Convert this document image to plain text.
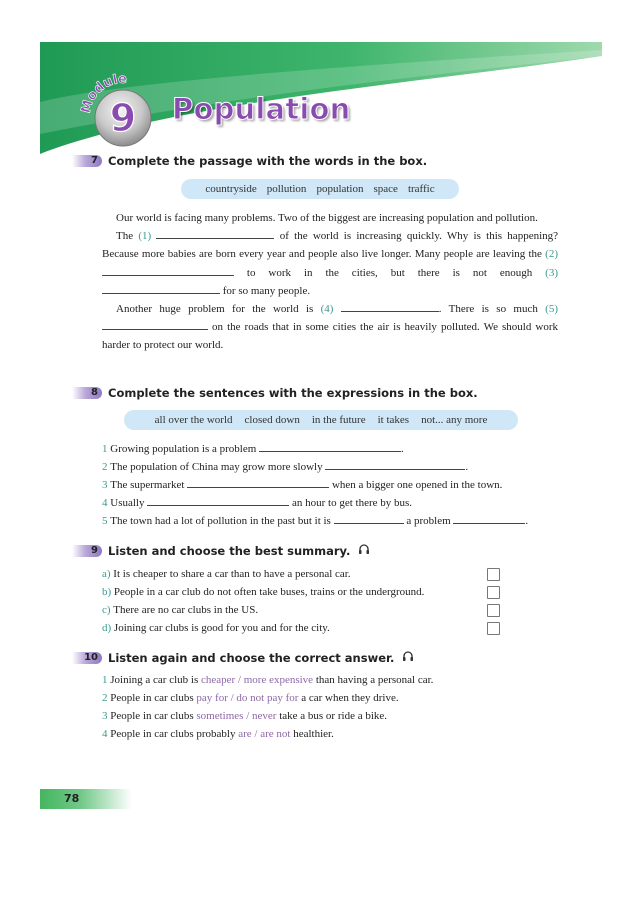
Module
9 Population
7 Complete the passage with the words in the box.
countryside pollution population space traffic

Our world is facing many problems. Two of the biggest are increasing population and pollution.

The (1)	of the world is increasing quickly. Why is this happening? Because more babies are born every year and people also live longer. Many people are leaving the (2)  to work in the cities, but there is not enough (3)  for so many people.

Another huge problem for the world is (4)	. There is so much (5)  on the roads that in some cities the air is heavily polluted. We should work harder to protect our world.

8 Complete the sentences with the expressions in the box.
all over the world closed down in the future it takes not... any more
1 Growing population is a problem	.
2 The population of China may grow more slowly	.
3 The supermarket	when a bigger one opened in the town.
4 Usually	an hour to get there by bus.
5 The town had a lot of pollution in the past but it is	a problem	.
9 Listen and choose the best summary.
a) It is cheaper to share a car than to have a personal car.
b) People in a car club do not often take buses, trains or the underground.
c) There are no car clubs in the US.
d) Joining car clubs is good for you and for the city.
10 Listen again and choose the correct answer.
1 Joining a car club is cheaper / more expensive than having a personal car.
2 People in car clubs pay for / do not pay for a car when they drive.
3 People in car clubs sometimes / never take a bus or ride a bike.
4 People in car clubs probably are / are not healthier.
78
